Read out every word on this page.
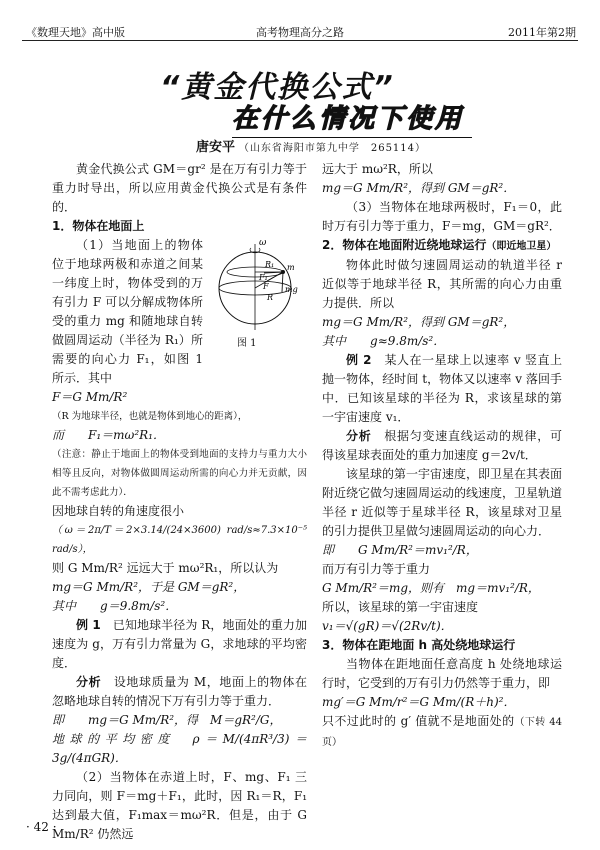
《数理天地》高中版	高考物理高分之路	2011年第2期
“黄金代换公式”
在什么情况下使用
唐安平 （山东省海阳市第九中学　265114）

黄金代换公式 GM＝gr² 是在万有引力等于重力时导出，所以应用黄金代换公式是有条件的．

1．物体在地面上

ω
R₁
F₁
F
m
mg
R
图 1

（1）当地面上的物体位于地球两极和赤道之间某一纬度上时，物体受到的万有引力 F 可以分解成物体所受的重力 mg 和随地球自转做圆周运动（半径为 R₁）所需要的向心力 F₁，如图 1 所示．其中

F＝G Mm/R²

（R 为地球半径，也就是物体到地心的距离），

而　　 F₁＝mω²R₁．

（注意：静止于地面上的物体受到地面的支持力与重力大小相等且反向，对物体做圆周运动所需的向心力并无贡献，因此不需考虑此力）．

因地球自转的角速度很小

（ω＝2π/T＝2×3.14/(24×3600) rad/s≈7.3×10⁻⁵ rad/s），

则 G Mm/R² 远远大于 mω²R₁，所以认为

mg＝G Mm/R²，于是 GM＝gR²，

其中　　 g＝9.8m/s²．

例 1　 已知地球半径为 R，地面处的重力加速度为 g，万有引力常量为 G，求地球的平均密度．

分析　 设地球质量为 M，地面上的物体在忽略地球自转的情况下万有引力等于重力．

即　　 mg＝G Mm/R²，得　M＝gR²/G，

地球的平均密度　 ρ＝M/(4πR³/3)＝3g/(4πGR)．

（2）当物体在赤道上时，F、mg、F₁ 三力同向，则 F＝mg＋F₁，此时，因 R₁＝R，F₁ 达到最大值，F₁max＝mω²R．但是，由于 G Mm/R² 仍然远

远大于 mω²R，所以

mg＝G Mm/R²，得到 GM＝gR²．

（3）当物体在地球两极时，F₁＝0，此时万有引力等于重力，F＝mg，GM＝gR²．

2．物体在地面附近绕地球运行（即近地卫星）

物体此时做匀速圆周运动的轨道半径 r 近似等于地球半径 R，其所需的向心力由重力提供．所以

mg＝G Mm/R²，得到 GM＝gR²，

其中　　 g≈9.8m/s²．

例 2　 某人在一星球上以速率 v 竖直上抛一物体，经时间 t，物体又以速率 v 落回手中．已知该星球的半径为 R，求该星球的第一宇宙速度 v₁．

分析　 根据匀变速直线运动的规律，可得该星球表面处的重力加速度 g＝2v/t．

该星球的第一宇宙速度，即卫星在其表面附近绕它做匀速圆周运动的线速度，卫星轨道半径 r 近似等于星球半径 R，该星球对卫星的引力提供卫星做匀速圆周运动的向心力．

即　　 G Mm/R²＝mv₁²/R，

而万有引力等于重力

G Mm/R²＝mg，则有　mg＝mv₁²/R，

所以，该星球的第一宇宙速度

v₁＝√(gR)＝√(2Rv/t)．

3．物体在距地面 h 高处绕地球运行

当物体在距地面任意高度 h 处绕地球运行时，它受到的万有引力仍然等于重力，即

mg′＝G Mm/r²＝G Mm/(R＋h)²．

只不过此时的 g′ 值就不是地面处的（下转 44 页）

· 42 ·
